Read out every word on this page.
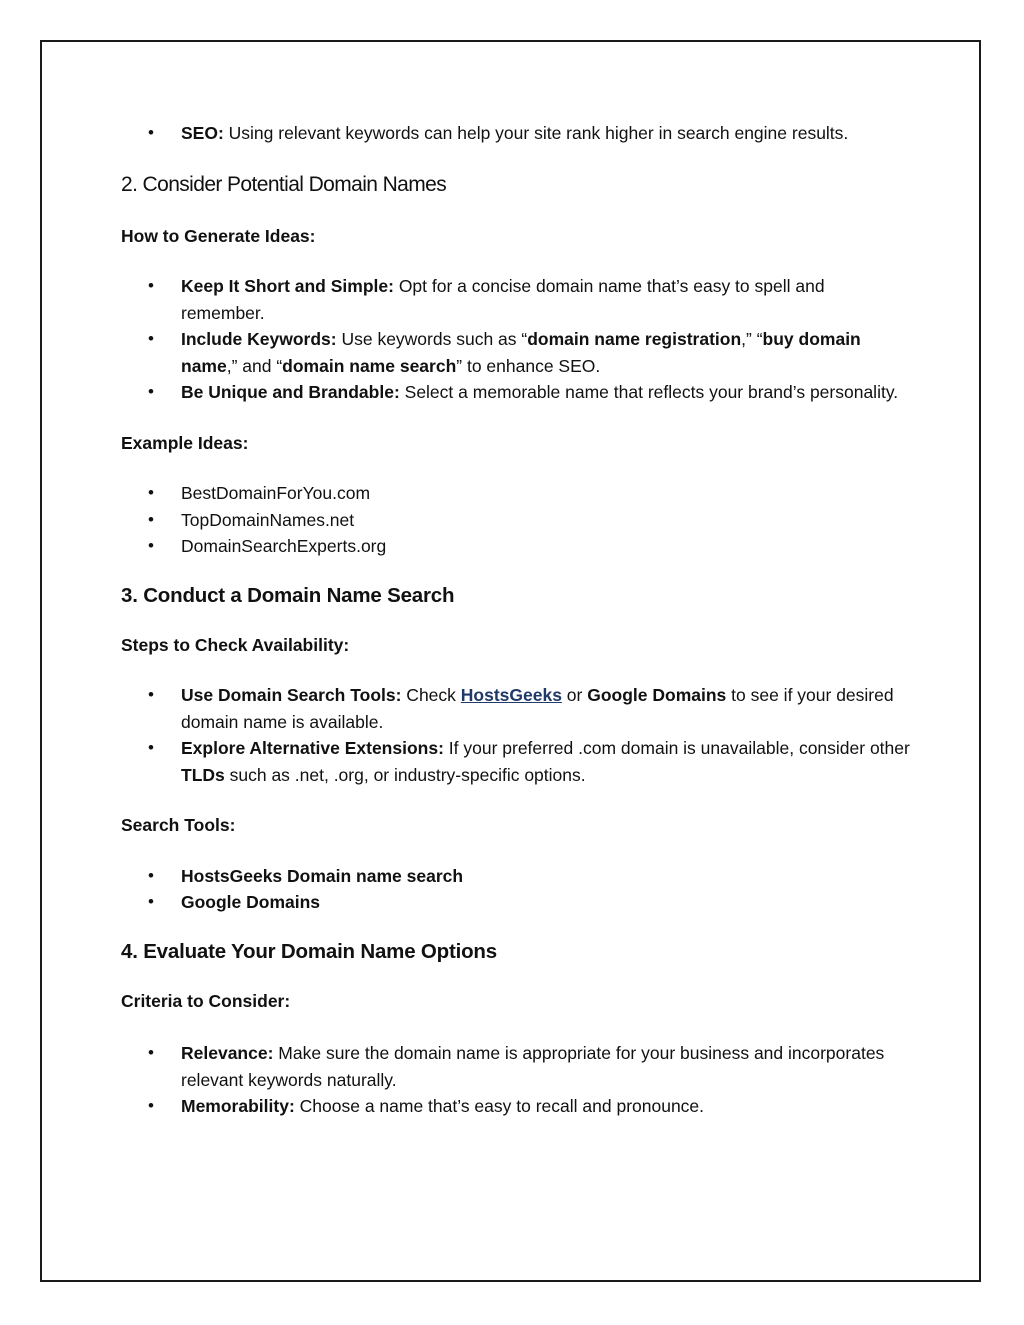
• SEO: Using relevant keywords can help your site rank higher in search engine results.
2. Consider Potential Domain Names

How to Generate Ideas:

• Keep It Short and Simple: Opt for a concise domain name that’s easy to spell and remember.
• Include Keywords: Use keywords such as “domain name registration,” “buy domain name,” and “domain name search” to enhance SEO.
• Be Unique and Brandable: Select a memorable name that reflects your brand’s personality.

Example Ideas:

• BestDomainForYou.com
• TopDomainNames.net
• DomainSearchExperts.org
3. Conduct a Domain Name Search

Steps to Check Availability:

• Use Domain Search Tools: Check HostsGeeks or Google Domains to see if your desired domain name is available.
• Explore Alternative Extensions: If your preferred .com domain is unavailable, consider other TLDs such as .net, .org, or industry-specific options.

Search Tools:

• HostsGeeks Domain name search
• Google Domains
4. Evaluate Your Domain Name Options

Criteria to Consider:

• Relevance: Make sure the domain name is appropriate for your business and incorporates relevant keywords naturally.
• Memorability: Choose a name that’s easy to recall and pronounce.
